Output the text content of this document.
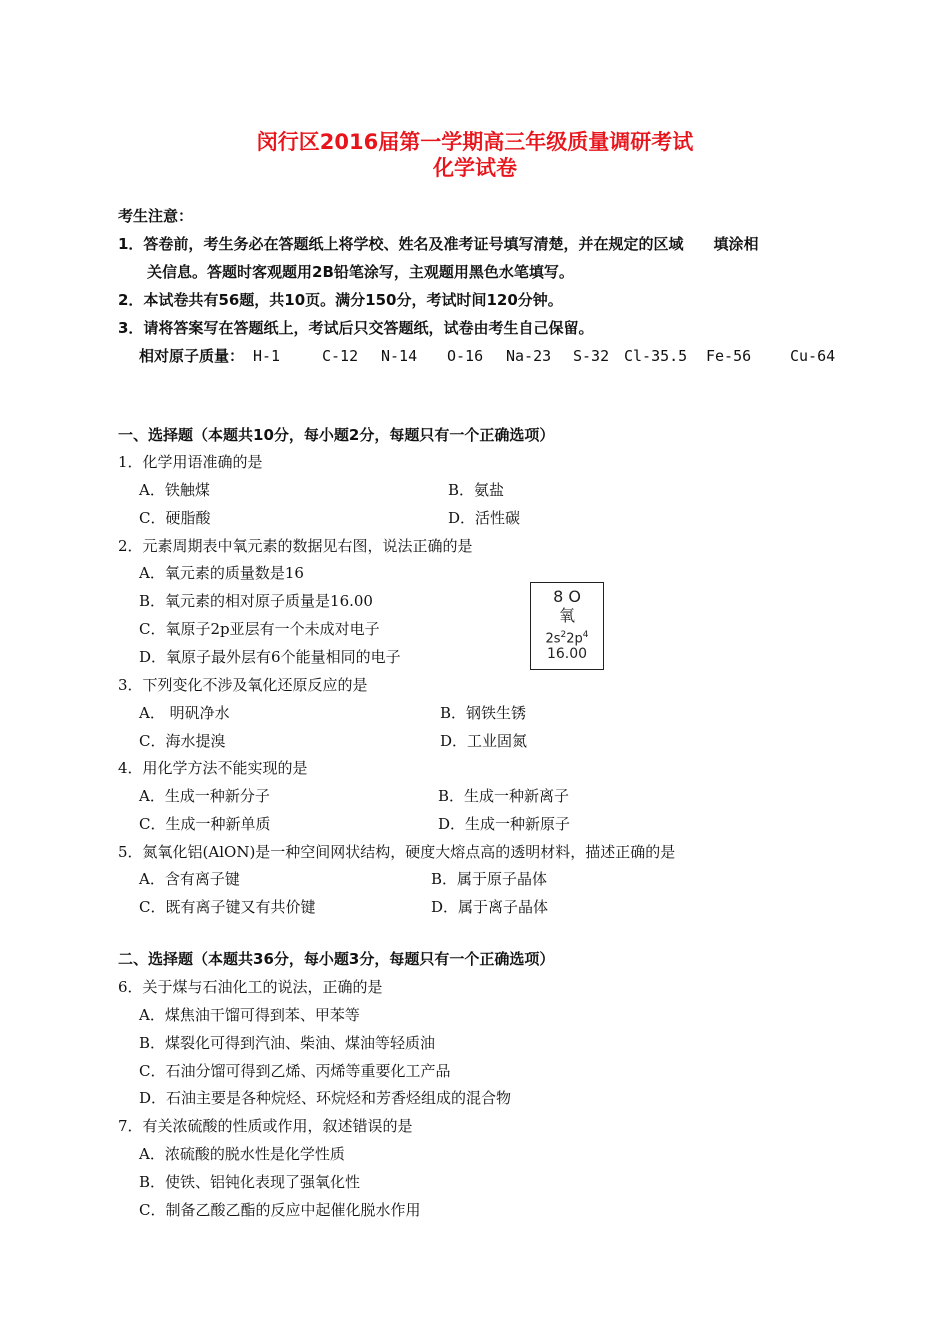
闵行区2016届第一学期高三年级质量调研考试
化学试卷
考生注意：
1．答卷前，考生务必在答题纸上将学校、姓名及准考证号填写清楚，并在规定的区域　　填涂相
关信息。答题时客观题用2B铅笔涂写，主观题用黑色水笔填写。
2．本试卷共有56题，共10页。满分150分，考试时间120分钟。
3．请将答案写在答题纸上，考试后只交答题纸，试卷由考生自己保留。
相对原子质量： H-1	C-12 N-14 O-16 Na-23 S-32 Cl-35.5 Fe-56	Cu-64
一、选择题（本题共10分，每小题2分，每题只有一个正确选项）
1．化学用语准确的是
A．铁触煤	B．氨盐
C．硬脂酸	D．活性碳
2．元素周期表中氧元素的数据见右图，说法正确的是
A．氧元素的质量数是16
B．氧元素的相对原子质量是16.00
C．氧原子2p亚层有一个未成对电子
D．氧原子最外层有6个能量相同的电子
8 O
氧
$2s^22p^4$
16.00
3．下列变化不涉及氧化还原反应的是
A． 明矾净水	B．钢铁生锈
C．海水提溴	D．工业固氮
4．用化学方法不能实现的是
A．生成一种新分子	B．生成一种新离子
C．生成一种新单质	D．生成一种新原子
5．氮氧化铝(AlON)是一种空间网状结构，硬度大熔点高的透明材料，描述正确的是
A．含有离子键	B．属于原子晶体
C．既有离子键又有共价键	D．属于离子晶体
二、选择题（本题共36分，每小题3分，每题只有一个正确选项）
6．关于煤与石油化工的说法，正确的是
A．煤焦油干馏可得到苯、甲苯等
B．煤裂化可得到汽油、柴油、煤油等轻质油
C．石油分馏可得到乙烯、丙烯等重要化工产品
D．石油主要是各种烷烃、环烷烃和芳香烃组成的混合物
7．有关浓硫酸的性质或作用，叙述错误的是
A．浓硫酸的脱水性是化学性质
B．使铁、铝钝化表现了强氧化性
C．制备乙酸乙酯的反应中起催化脱水作用
